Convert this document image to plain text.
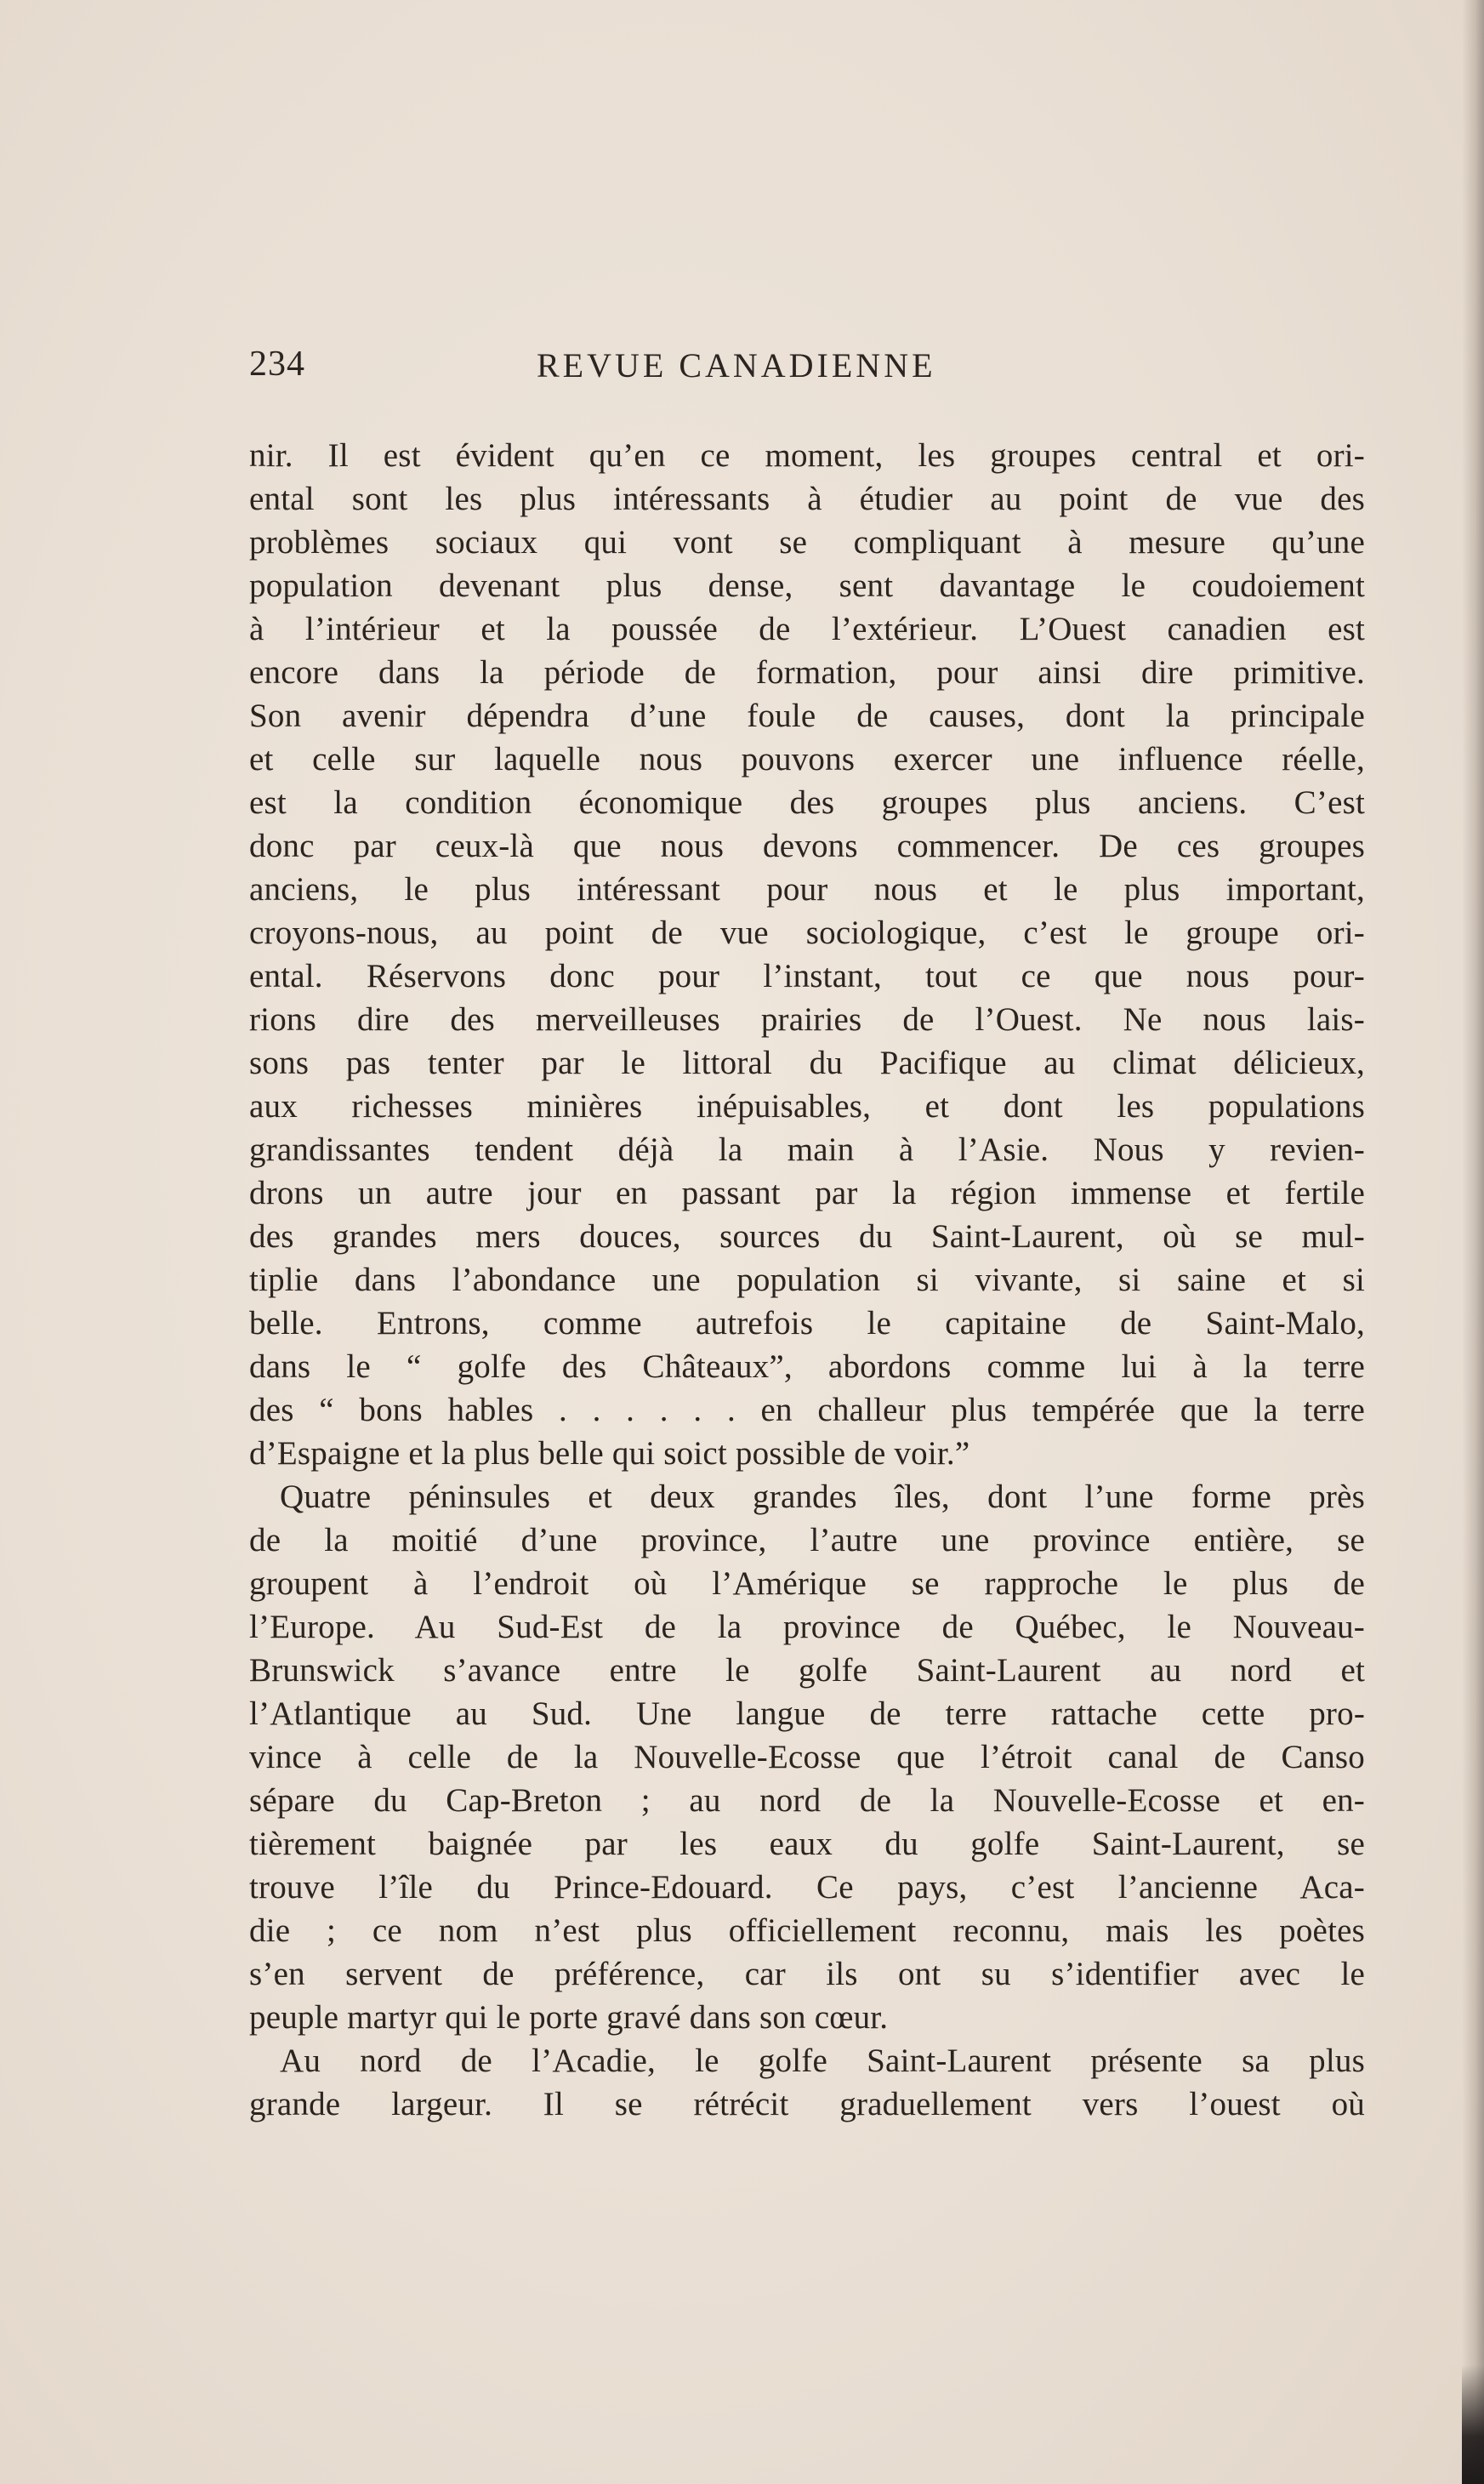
234	REVUE CANADIENNE
nir. Il est évident qu’en ce moment, les groupes central et ori-
ental sont les plus intéressants à étudier au point de vue des
problèmes sociaux qui vont se compliquant à mesure qu’une
population devenant plus dense, sent davantage le coudoiement
à l’intérieur et la poussée de l’extérieur. L’Ouest canadien est
encore dans la période de formation, pour ainsi dire primitive.
Son avenir dépendra d’une foule de causes, dont la principale
et celle sur laquelle nous pouvons exercer une influence réelle,
est la condition économique des groupes plus anciens. C’est
donc par ceux-là que nous devons commencer. De ces groupes
anciens, le plus intéressant pour nous et le plus important,
croyons-nous, au point de vue sociologique, c’est le groupe ori-
ental. Réservons donc pour l’instant, tout ce que nous pour-
rions dire des merveilleuses prairies de l’Ouest. Ne nous lais-
sons pas tenter par le littoral du Pacifique au climat délicieux,
aux richesses minières inépuisables, et dont les populations
grandissantes tendent déjà la main à l’Asie. Nous y revien-
drons un autre jour en passant par la région immense et fertile
des grandes mers douces, sources du Saint-Laurent, où se mul-
tiplie dans l’abondance une population si vivante, si saine et si
belle. Entrons, comme autrefois le capitaine de Saint-Malo,
dans le “ golfe des Châteaux”, abordons comme lui à la terre
des “ bons hables . . . . . . en challeur plus tempérée que la terre
d’Espaigne et la plus belle qui soict possible de voir.”
Quatre péninsules et deux grandes îles, dont l’une forme près
de la moitié d’une province, l’autre une province entière, se
groupent à l’endroit où l’Amérique se rapproche le plus de
l’Europe. Au Sud-Est de la province de Québec, le Nouveau-
Brunswick s’avance entre le golfe Saint-Laurent au nord et
l’Atlantique au Sud. Une langue de terre rattache cette pro-
vince à celle de la Nouvelle-Ecosse que l’étroit canal de Canso
sépare du Cap-Breton ; au nord de la Nouvelle-Ecosse et en-
tièrement baignée par les eaux du golfe Saint-Laurent, se
trouve l’île du Prince-Edouard. Ce pays, c’est l’ancienne Aca-
die ; ce nom n’est plus officiellement reconnu, mais les poètes
s’en servent de préférence, car ils ont su s’identifier avec le
peuple martyr qui le porte gravé dans son cœur.
Au nord de l’Acadie, le golfe Saint-Laurent présente sa plus
grande largeur. Il se rétrécit graduellement vers l’ouest où
